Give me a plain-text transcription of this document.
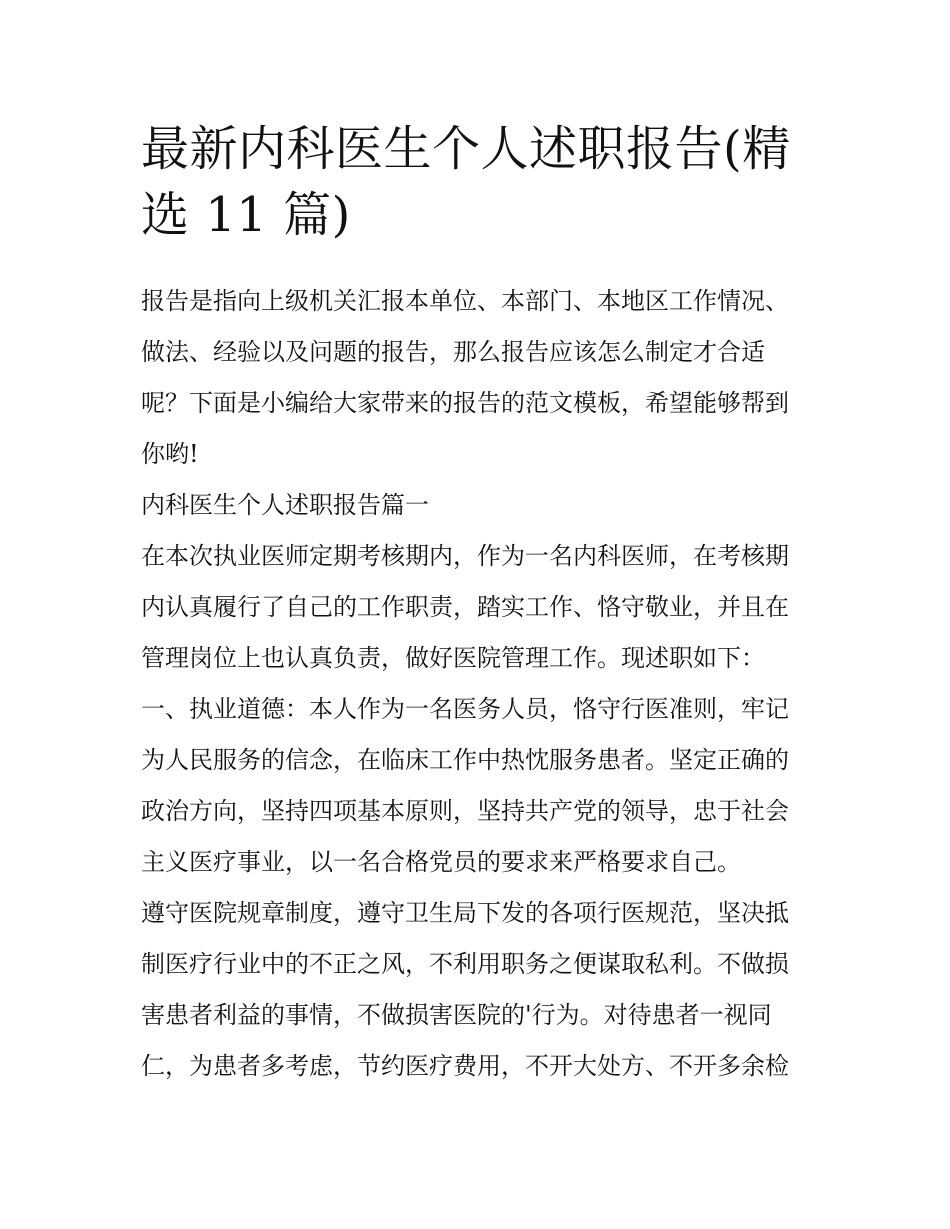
最新内科医生个人述职报告(精
选 11 篇)
报告是指向上级机关汇报本单位、本部门、本地区工作情况、
做法、经验以及问题的报告，那么报告应该怎么制定才合适
呢？下面是小编给大家带来的报告的范文模板，希望能够帮到
你哟!
内科医生个人述职报告篇一
在本次执业医师定期考核期内，作为一名内科医师，在考核期
内认真履行了自己的工作职责，踏实工作、恪守敬业，并且在
管理岗位上也认真负责，做好医院管理工作。现述职如下：
一、执业道德：本人作为一名医务人员，恪守行医准则，牢记
为人民服务的信念，在临床工作中热忱服务患者。坚定正确的
政治方向，坚持四项基本原则，坚持共产党的领导，忠于社会
主义医疗事业，以一名合格党员的要求来严格要求自己。
遵守医院规章制度，遵守卫生局下发的各项行医规范，坚决抵
制医疗行业中的不正之风，不利用职务之便谋取私利。不做损
害患者利益的事情，不做损害医院的'行为。对待患者一视同
仁，为患者多考虑，节约医疗费用，不开大处方、不开多余检
